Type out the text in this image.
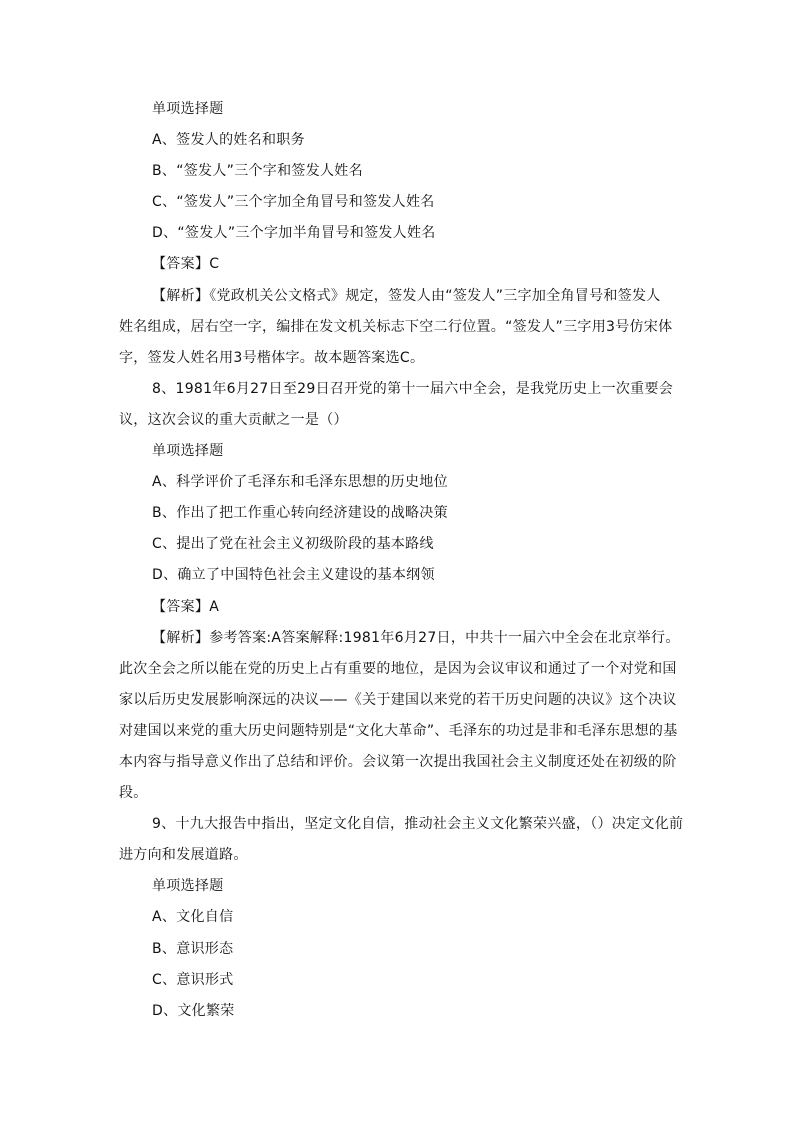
单项选择题
A、签发人的姓名和职务
B、“签发人”三个字和签发人姓名
C、“签发人”三个字加全角冒号和签发人姓名
D、“签发人”三个字加半角冒号和签发人姓名
【答案】C
【解析】《党政机关公文格式》规定，签发人由“签发人”三字加全角冒号和签发人
姓名组成，居右空一字，编排在发文机关标志下空二行位置。“签发人”三字用3号仿宋体
字，签发人姓名用3号楷体字。故本题答案选C。
8、1981年6月27日至29日召开党的第十一届六中全会，是我党历史上一次重要会
议，这次会议的重大贡献之一是（）
单项选择题
A、科学评价了毛泽东和毛泽东思想的历史地位
B、作出了把工作重心转向经济建设的战略决策
C、提出了党在社会主义初级阶段的基本路线
D、确立了中国特色社会主义建设的基本纲领
【答案】A
【解析】参考答案:A答案解释:1981年6月27日，中共十一届六中全会在北京举行。
此次全会之所以能在党的历史上占有重要的地位，是因为会议审议和通过了一个对党和国
家以后历史发展影响深远的决议——《关于建国以来党的若干历史问题的决议》这个决议
对建国以来党的重大历史问题特别是“文化大革命”、毛泽东的功过是非和毛泽东思想的基
本内容与指导意义作出了总结和评价。会议第一次提出我国社会主义制度还处在初级的阶
段。
9、十九大报告中指出，坚定文化自信，推动社会主义文化繁荣兴盛，（）决定文化前
进方向和发展道路。
单项选择题
A、文化自信
B、意识形态
C、意识形式
D、文化繁荣
